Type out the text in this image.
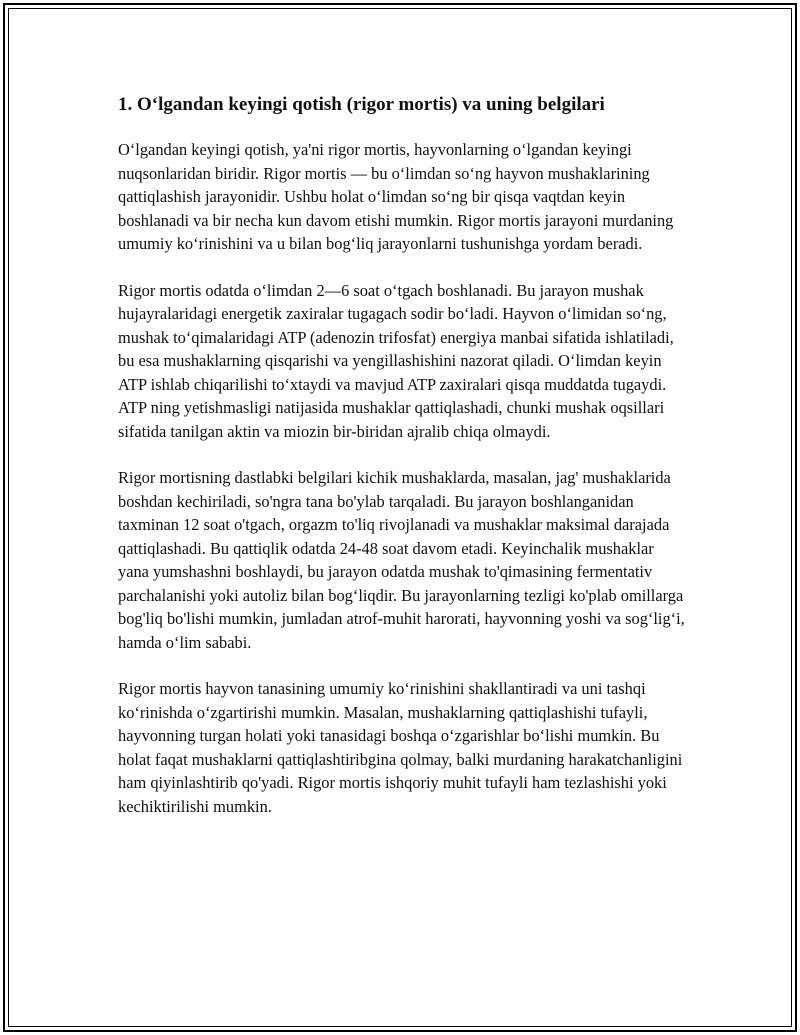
1. O‘lgandan keyingi qotish (rigor mortis) va uning belgilari

O‘lgandan keyingi qotish, ya'ni rigor mortis, hayvonlarning o‘lgandan keyingi nuqsonlaridan biridir. Rigor mortis — bu o‘limdan so‘ng hayvon mushaklarining qattiqlashish jarayonidir. Ushbu holat o‘limdan so‘ng bir qisqa vaqtdan keyin boshlanadi va bir necha kun davom etishi mumkin. Rigor mortis jarayoni murdaning umumiy ko‘rinishini va u bilan bog‘liq jarayonlarni tushunishga yordam beradi.

Rigor mortis odatda o‘limdan 2—6 soat o‘tgach boshlanadi. Bu jarayon mushak hujayralaridagi energetik zaxiralar tugagach sodir bo‘ladi. Hayvon o‘limidan so‘ng, mushak to‘qimalaridagi ATP (adenozin trifosfat) energiya manbai sifatida ishlatiladi, bu esa mushaklarning qisqarishi va yengillashishini nazorat qiladi. O‘limdan keyin ATP ishlab chiqarilishi to‘xtaydi va mavjud ATP zaxiralari qisqa muddatda tugaydi. ATP ning yetishmasligi natijasida mushaklar qattiqlashadi, chunki mushak oqsillari sifatida tanilgan aktin va miozin bir-biridan ajralib chiqa olmaydi.

Rigor mortisning dastlabki belgilari kichik mushaklarda, masalan, jag' mushaklarida boshdan kechiriladi, so'ngra tana bo'ylab tarqaladi. Bu jarayon boshlanganidan taxminan 12 soat o'tgach, orgazm to'liq rivojlanadi va mushaklar maksimal darajada qattiqlashadi. Bu qattiqlik odatda 24-48 soat davom etadi. Keyinchalik mushaklar yana yumshashni boshlaydi, bu jarayon odatda mushak to'qimasining fermentativ parchalanishi yoki autoliz bilan bog‘liqdir. Bu jarayonlarning tezligi ko'plab omillarga bog'liq bo'lishi mumkin, jumladan atrof-muhit harorati, hayvonning yoshi va sog‘lig‘i, hamda o‘lim sababi.

Rigor mortis hayvon tanasining umumiy ko‘rinishini shakllantiradi va uni tashqi ko‘rinishda o‘zgartirishi mumkin. Masalan, mushaklarning qattiqlashishi tufayli, hayvonning turgan holati yoki tanasidagi boshqa o‘zgarishlar bo‘lishi mumkin. Bu holat faqat mushaklarni qattiqlashtiribgina qolmay, balki murdaning harakatchanligini ham qiyinlashtirib qo'yadi. Rigor mortis ishqoriy muhit tufayli ham tezlashishi yoki kechiktirilishi mumkin.
